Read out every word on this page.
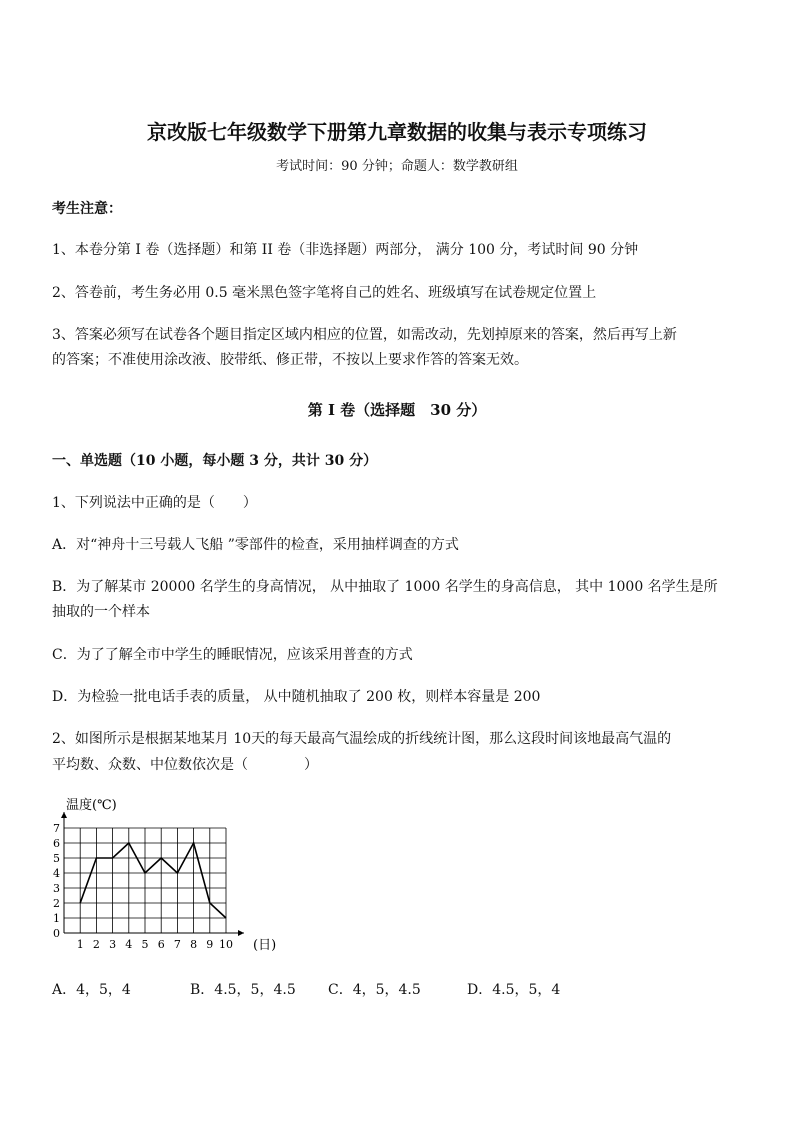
京改版七年级数学下册第九章数据的收集与表示专项练习
考试时间：90 分钟；命题人：数学教研组
考生注意：
1、本卷分第 I 卷（选择题）和第 II 卷（非选择题）两部分， 满分 100 分，考试时间 90 分钟
2、答卷前，考生务必用 0.5 毫米黑色签字笔将自己的姓名、班级填写在试卷规定位置上
3、答案必须写在试卷各个题目指定区域内相应的位置，如需改动，先划掉原来的答案，然后再写上新
的答案；不准使用涂改液、胶带纸、修正带，不按以上要求作答的答案无效。
第 I 卷（选择题　30 分）
一、单选题（10 小题，每小题 3 分，共计 30 分）
1、下列说法中正确的是（　　）
A．对“神舟十三号载人飞船 ”零部件的检查，采用抽样调查的方式
B．为了解某市 20000 名学生的身高情况， 从中抽取了 1000 名学生的身高信息， 其中 1000 名学生是所
抽取的一个样本
C．为了了解全市中学生的睡眠情况，应该采用普查的方式
D．为检验一批电话手表的质量， 从中随机抽取了 200 枚，则样本容量是 200
2、如图所示是根据某地某月 10天的每天最高气温绘成的折线统计图，那么这段时间该地最高气温的
平均数、众数、中位数依次是（　　　　）
温度(℃)
(日)
0
1
2
3
4
5
6
7
1 2 3 4 5 6 7 8 9 10
A．4，5，4	B．4.5，5，4.5 C．4，5，4.5	D．4.5，5，4
